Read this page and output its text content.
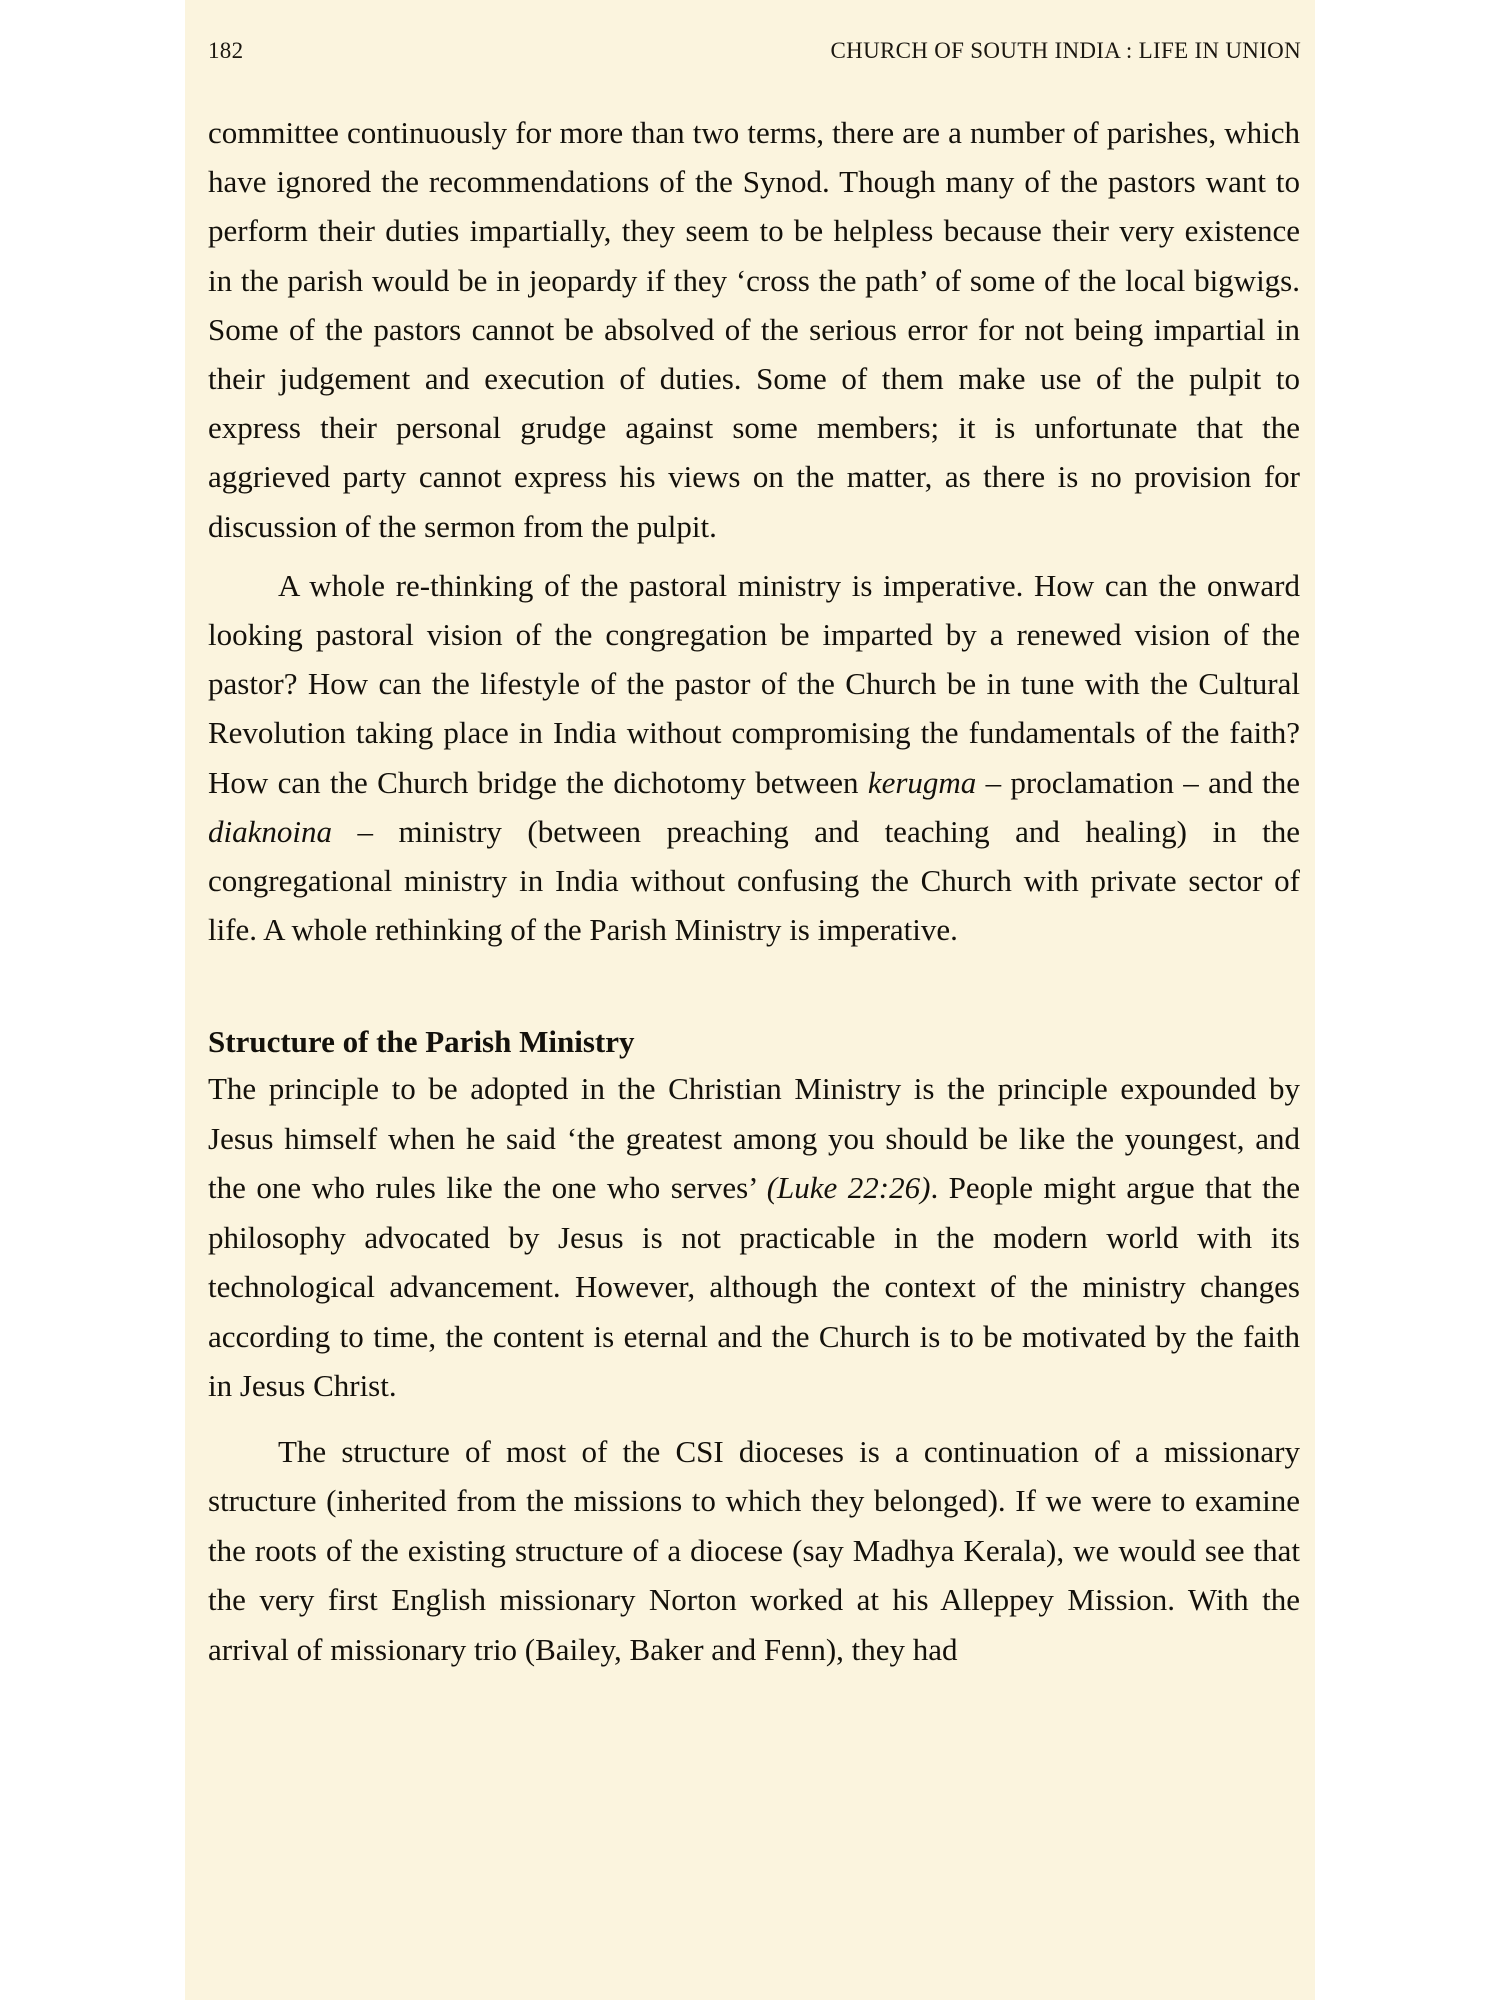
182	CHURCH OF SOUTH INDIA : LIFE IN UNION

committee continuously for more than two terms, there are a number of parishes, which have ignored the recommendations of the Synod. Though many of the pastors want to perform their duties impartially, they seem to be helpless because their very existence in the parish would be in jeopardy if they ‘cross the path’ of some of the local bigwigs. Some of the pastors cannot be absolved of the serious error for not being impartial in their judgement and execution of duties. Some of them make use of the pulpit to express their personal grudge against some members; it is unfortunate that the aggrieved party cannot express his views on the matter, as there is no provision for discussion of the sermon from the pulpit.

A whole re-thinking of the pastoral ministry is imperative. How can the onward looking pastoral vision of the congregation be imparted by a renewed vision of the pastor? How can the lifestyle of the pastor of the Church be in tune with the Cultural Revolution taking place in India without compromising the fundamentals of the faith? How can the Church bridge the dichotomy between kerugma – proclamation – and the diaknoina – ministry (between preaching and teaching and healing) in the congregational ministry in India without confusing the Church with private sector of life. A whole rethinking of the Parish Ministry is imperative.

Structure of the Parish Ministry

The principle to be adopted in the Christian Ministry is the principle expounded by Jesus himself when he said ‘the greatest among you should be like the youngest, and the one who rules like the one who serves’ (Luke 22:26). People might argue that the philosophy advocated by Jesus is not practicable in the modern world with its technological advancement. However, although the context of the ministry changes according to time, the content is eternal and the Church is to be motivated by the faith in Jesus Christ.

The structure of most of the CSI dioceses is a continuation of a missionary structure (inherited from the missions to which they belonged). If we were to examine the roots of the existing structure of a diocese (say Madhya Kerala), we would see that the very first English missionary Norton worked at his Alleppey Mission. With the arrival of missionary trio (Bailey, Baker and Fenn), they had
